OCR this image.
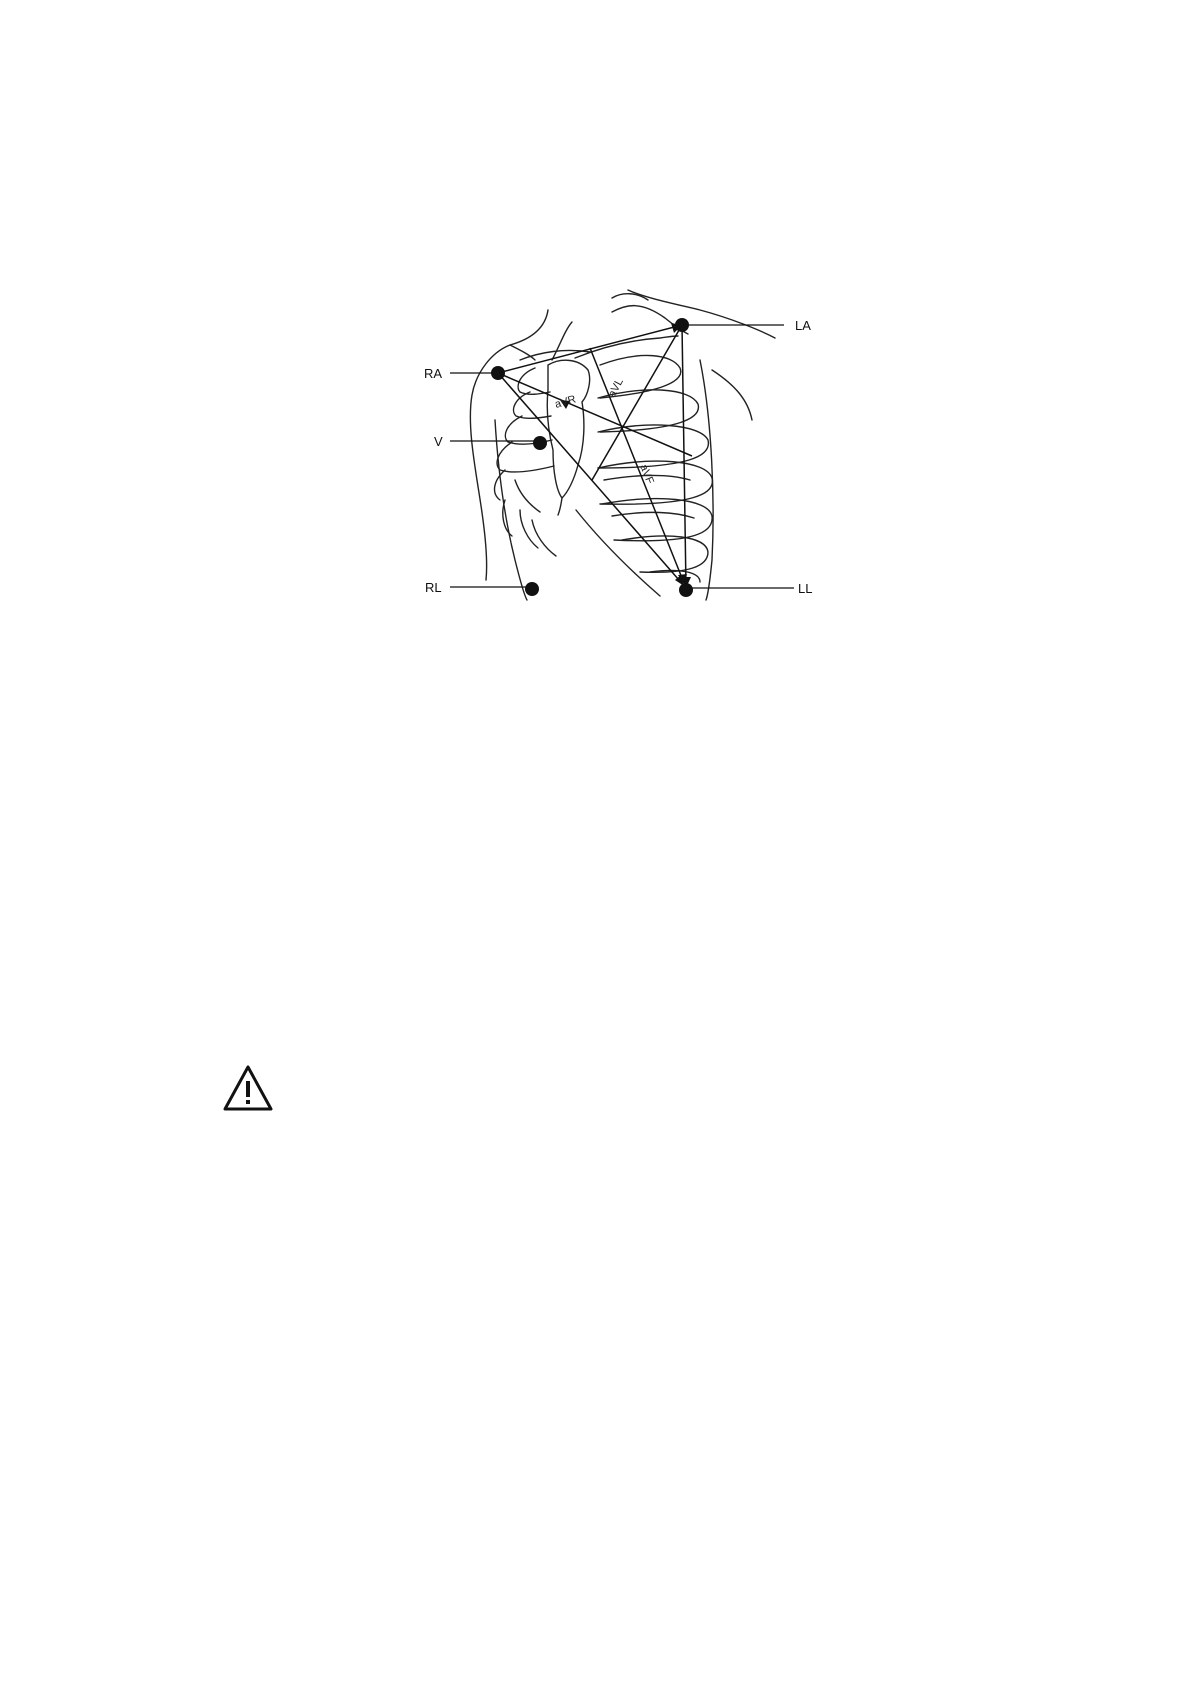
aVR
aVL
aVF
RA
V
RL
LA
LL
